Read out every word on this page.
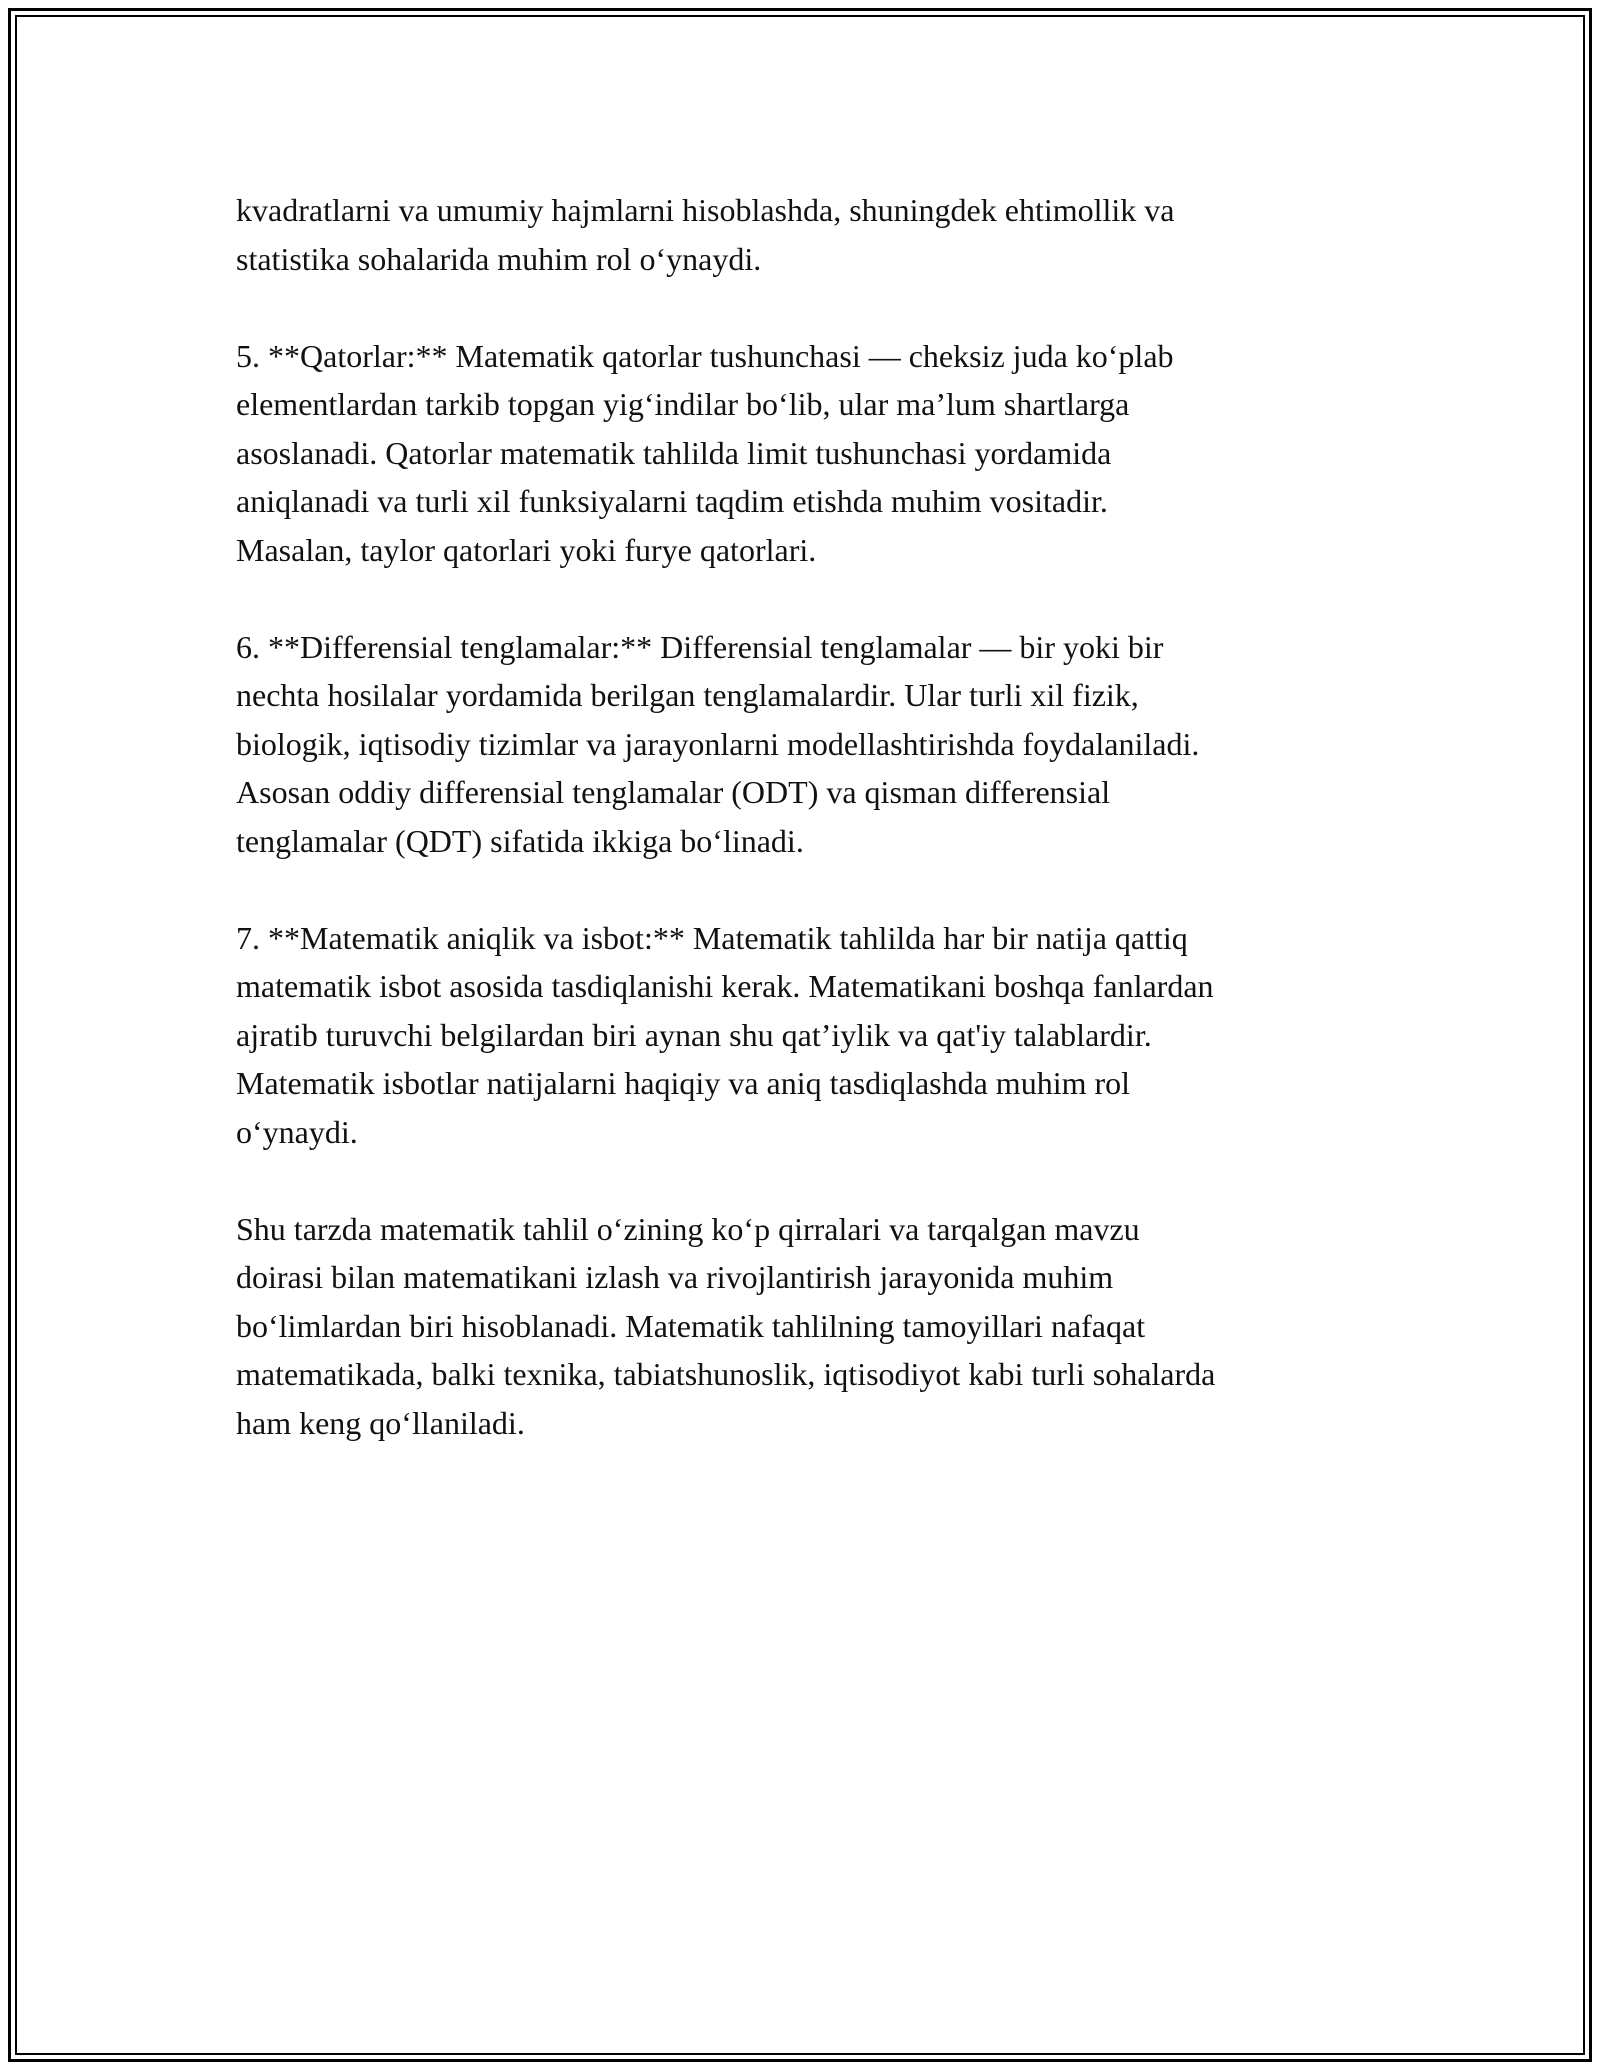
kvadratlarni va umumiy hajmlarni hisoblashda, shuningdek ehtimollik va
statistika sohalarida muhim rol o‘ynaydi.

5. **Qatorlar:** Matematik qatorlar tushunchasi — cheksiz juda ko‘plab
elementlardan tarkib topgan yig‘indilar bo‘lib, ular ma’lum shartlarga
asoslanadi. Qatorlar matematik tahlilda limit tushunchasi yordamida
aniqlanadi va turli xil funksiyalarni taqdim etishda muhim vositadir.
Masalan, taylor qatorlari yoki furye qatorlari.

6. **Differensial tenglamalar:** Differensial tenglamalar — bir yoki bir
nechta hosilalar yordamida berilgan tenglamalardir. Ular turli xil fizik,
biologik, iqtisodiy tizimlar va jarayonlarni modellashtirishda foydalaniladi.
Asosan oddiy differensial tenglamalar (ODT) va qisman differensial
tenglamalar (QDT) sifatida ikkiga bo‘linadi.

7. **Matematik aniqlik va isbot:** Matematik tahlilda har bir natija qattiq
matematik isbot asosida tasdiqlanishi kerak. Matematikani boshqa fanlardan
ajratib turuvchi belgilardan biri aynan shu qat’iylik va qat'iy talablardir.
Matematik isbotlar natijalarni haqiqiy va aniq tasdiqlashda muhim rol
o‘ynaydi.

Shu tarzda matematik tahlil o‘zining ko‘p qirralari va tarqalgan mavzu
doirasi bilan matematikani izlash va rivojlantirish jarayonida muhim
bo‘limlardan biri hisoblanadi. Matematik tahlilning tamoyillari nafaqat
matematikada, balki texnika, tabiatshunoslik, iqtisodiyot kabi turli sohalarda
ham keng qo‘llaniladi.
